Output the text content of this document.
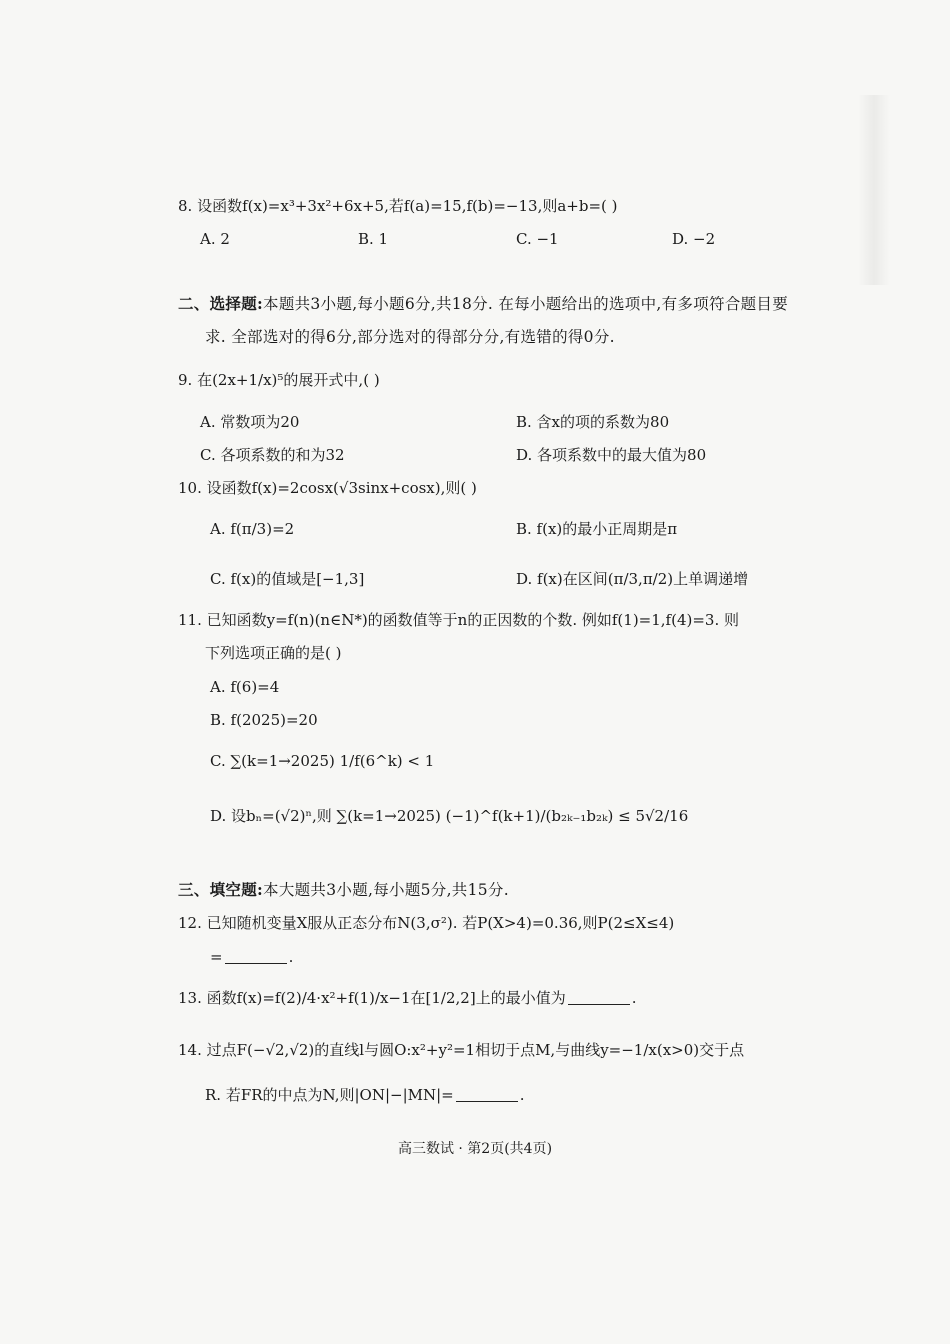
8. 设函数f(x)=x³+3x²+6x+5,若f(a)=15,f(b)=−13,则a+b=( )
A. 2	B. 1	C. −1	D. −2
二、选择题:本题共3小题,每小题6分,共18分. 在每小题给出的选项中,有多项符合题目要
求. 全部选对的得6分,部分选对的得部分分,有选错的得0分.
9. 在(2x+1/x)⁵的展开式中,( )
A. 常数项为20	B. 含x的项的系数为80
C. 各项系数的和为32	D. 各项系数中的最大值为80
10. 设函数f(x)=2cosx(√3sinx+cosx),则( )
A. f(π/3)=2	B. f(x)的最小正周期是π
C. f(x)的值域是[−1,3]	D. f(x)在区间(π/3,π/2)上单调递增
11. 已知函数y=f(n)(n∈N*)的函数值等于n的正因数的个数. 例如f(1)=1,f(4)=3. 则
下列选项正确的是( )
A. f(6)=4
B. f(2025)=20
C. ∑(k=1→2025) 1/f(6^k) < 1
D. 设bₙ=(√2)ⁿ,则 ∑(k=1→2025) (−1)^f(k+1)/(b₂ₖ₋₁b₂ₖ) ≤ 5√2/16
三、填空题:本大题共3小题,每小题5分,共15分.
12. 已知随机变量X服从正态分布N(3,σ²). 若P(X>4)=0.36,则P(2≤X≤4)
=	.
13. 函数f(x)=f(2)/4·x²+f(1)/x−1在[1/2,2]上的最小值为	.
14. 过点F(−√2,√2)的直线l与圆O:x²+y²=1相切于点M,与曲线y=−1/x(x>0)交于点
R. 若FR的中点为N,则|ON|−|MN|=	.
高三数试 · 第2页(共4页)
